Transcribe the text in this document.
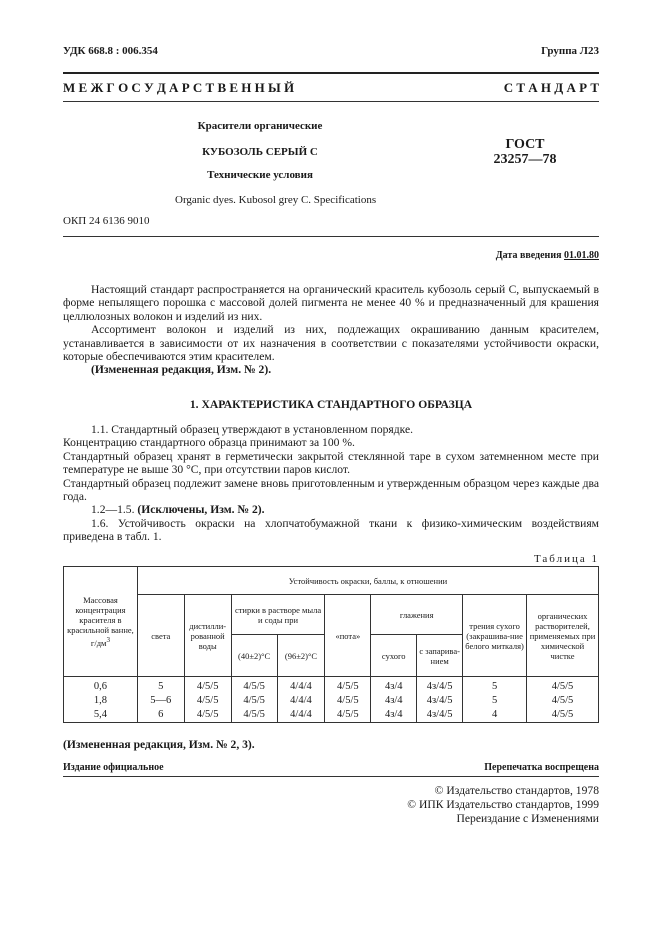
УДК 668.8 : 006.354	Группа Л23
М Е Ж Г О С У Д А Р С Т В Е Н Н Ы Й	С Т А Н Д А Р Т
Красители органические
КУБОЗОЛЬ СЕРЫЙ С
Технические условия
ГОСТ
23257—78
Organic dyes. Kubosol grey C. Specifications
ОКП 24 6136 9010
Дата введения 01.01.80

Настоящий стандарт распространяется на органический краситель кубозоль серый С, выпускаемый в форме непылящего порошка с массовой долей пигмента не менее 40 % и предназначенный для крашения целлюлозных волокон и изделий из них.

Ассортимент волокон и изделий из них, подлежащих окрашиванию данным красителем, устанавливается в зависимости от их назначения в соответствии с показателями устойчивости окраски, которые обеспечиваются этим красителем.

(Измененная редакция, Изм. № 2).

1. ХАРАКТЕРИСТИКА СТАНДАРТНОГО ОБРАЗЦА

1.1. Стандартный образец утверждают в установленном порядке.

Концентрацию стандартного образца принимают за 100 %.

Стандартный образец хранят в герметически закрытой стеклянной таре в сухом затемненном месте при температуре не выше 30 °С, при отсутствии паров кислот.

Стандартный образец подлежит замене вновь приготовленным и утвержденным образцом через каждые два года.

1.2—1.5. (Исключены, Изм. № 2).

1.6. Устойчивость окраски на хлопчатобумажной ткани к физико-химическим воздействиям приведена в табл. 1.

Таблица 1
Массовая концентрация красителя в красильной ванне, $г/дм^3$	Устойчивость окраски, баллы, к отношении								
	света	дистилли-рованной воды	стирки в растворе мыла и соды при		«пота»	глажения		трения сухого (закрашива-ние белого миткаля)	органических растворителей, применяемых при химической чистке
			(40±2)°С	(96±2)°С		сухого	с запарива-нием		
0,6	5	4/5/5	4/5/5	4/4/4	4/5/5	4з/4	4з/4/5	5	4/5/5
1,8	5—6	4/5/5	4/5/5	4/4/4	4/5/5	4з/4	4з/4/5	5	4/5/5
5,4	6	4/5/5	4/5/5	4/4/4	4/5/5	4з/4	4з/4/5	4	4/5/5
(Измененная редакция, Изм. № 2, 3).
Издание официальное	Перепечатка воспрещена
© Издательство стандартов, 1978
© ИПК Издательство стандартов, 1999
Переиздание с Изменениями
